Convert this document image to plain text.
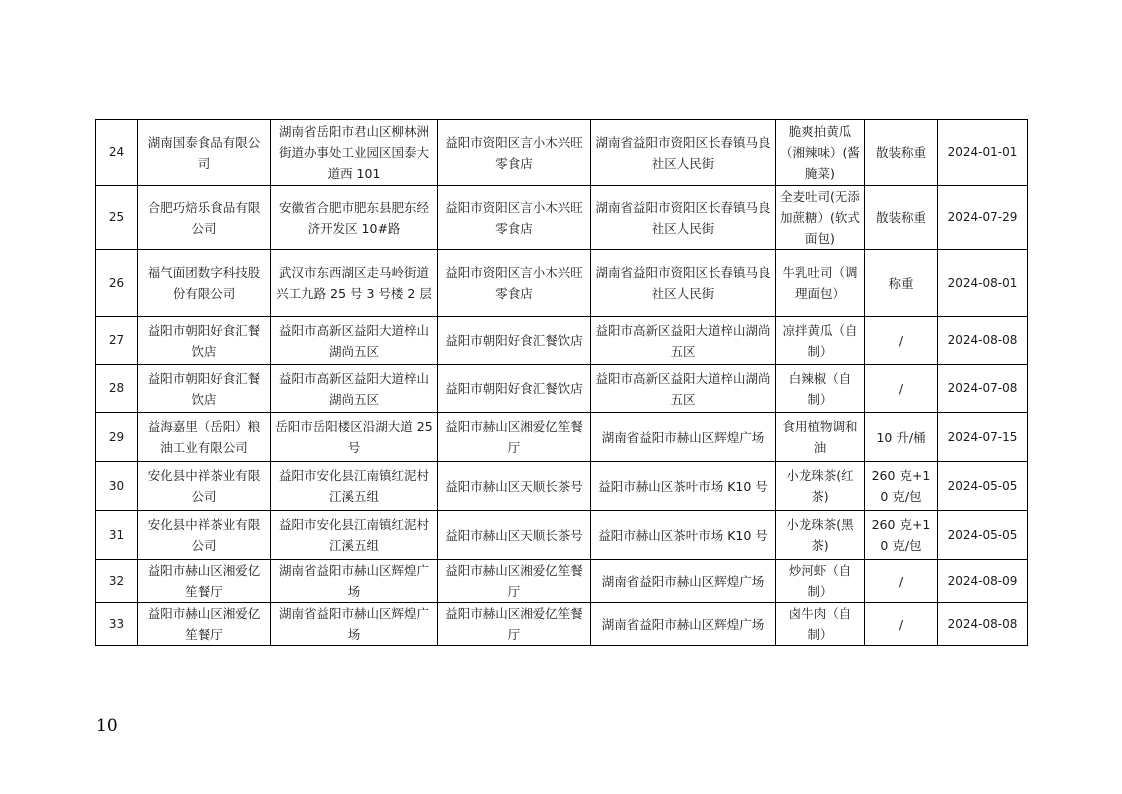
24	湖南国泰食品有限公司	湖南省岳阳市君山区柳林洲街道办事处工业园区国泰大道西 101	益阳市资阳区言小木兴旺零食店	湖南省益阳市资阳区长春镇马良社区人民街	脆爽拍黄瓜（湘辣味）(酱腌菜)	散装称重	2024-01-01
25	合肥巧焙乐食品有限公司	安徽省合肥市肥东县肥东经济开发区 10#路	益阳市资阳区言小木兴旺零食店	湖南省益阳市资阳区长春镇马良社区人民街	全麦吐司(无添加蔗糖）(软式面包)	散装称重	2024-07-29
26	福气面团数字科技股份有限公司	武汉市东西湖区走马岭街道兴工九路 25 号 3 号楼 2 层	益阳市资阳区言小木兴旺零食店	湖南省益阳市资阳区长春镇马良社区人民街	牛乳吐司（调理面包）	称重	2024-08-01
27	益阳市朝阳好食汇餐饮店	益阳市高新区益阳大道梓山湖尚五区	益阳市朝阳好食汇餐饮店	益阳市高新区益阳大道梓山湖尚五区	凉拌黄瓜（自制）	/	2024-08-08
28	益阳市朝阳好食汇餐饮店	益阳市高新区益阳大道梓山湖尚五区	益阳市朝阳好食汇餐饮店	益阳市高新区益阳大道梓山湖尚五区	白辣椒（自制）	/	2024-07-08
29	益海嘉里（岳阳）粮油工业有限公司	岳阳市岳阳楼区沿湖大道 25 号	益阳市赫山区湘爱亿笙餐厅	湖南省益阳市赫山区辉煌广场	食用植物调和油	10 升/桶	2024-07-15
30	安化县中祥茶业有限公司	益阳市安化县江南镇红泥村江溪五组	益阳市赫山区天顺长茶号	益阳市赫山区茶叶市场 K10 号	小龙珠茶(红茶)	260 克+10 克/包	2024-05-05
31	安化县中祥茶业有限公司	益阳市安化县江南镇红泥村江溪五组	益阳市赫山区天顺长茶号	益阳市赫山区茶叶市场 K10 号	小龙珠茶(黑茶)	260 克+10 克/包	2024-05-05
32	益阳市赫山区湘爱亿笙餐厅	湖南省益阳市赫山区辉煌广场	益阳市赫山区湘爱亿笙餐厅	湖南省益阳市赫山区辉煌广场	炒河虾（自制）	/	2024-08-09
33	益阳市赫山区湘爱亿笙餐厅	湖南省益阳市赫山区辉煌广场	益阳市赫山区湘爱亿笙餐厅	湖南省益阳市赫山区辉煌广场	卤牛肉（自制）	/	2024-08-08
10
